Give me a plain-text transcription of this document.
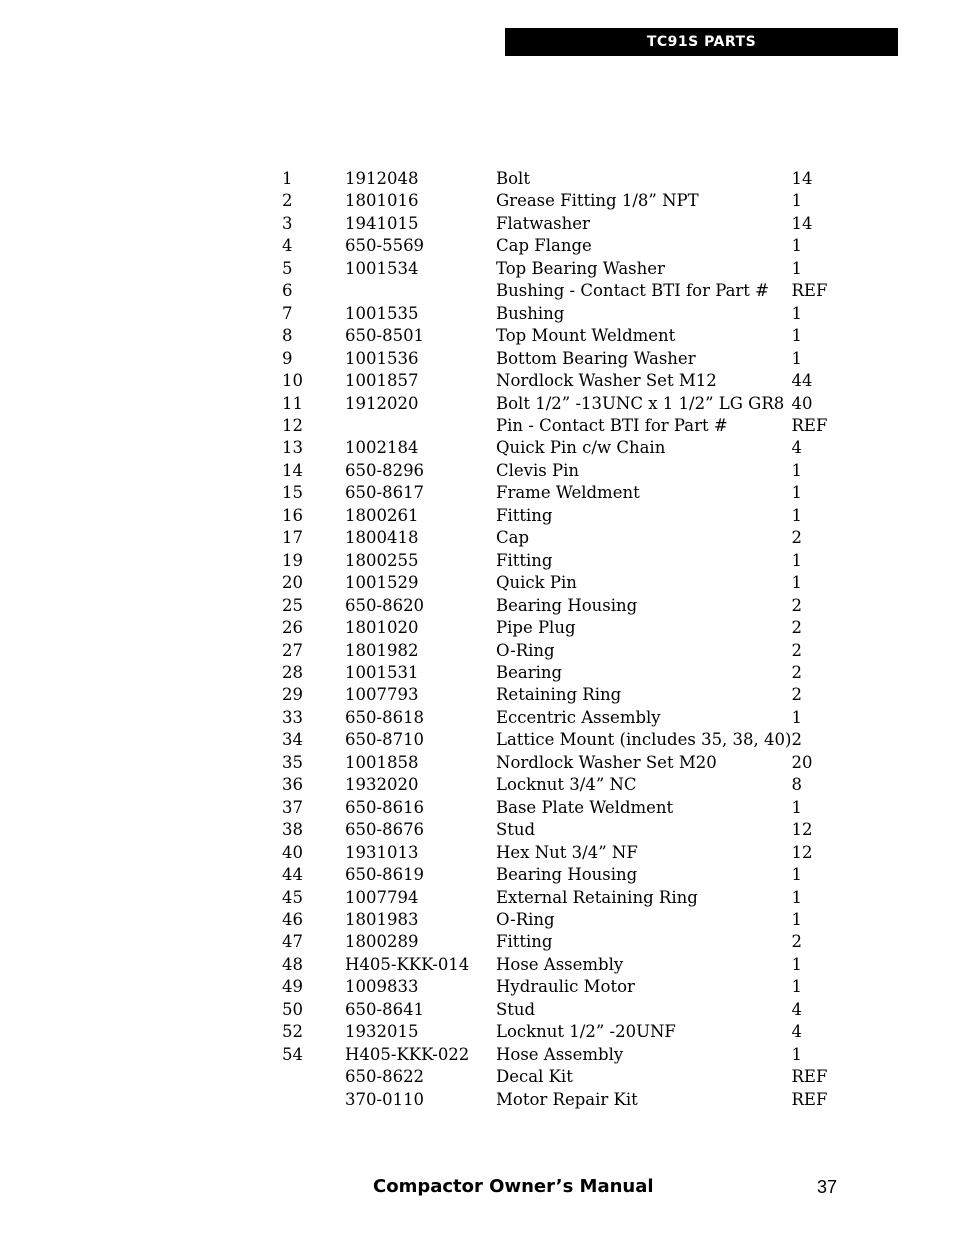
TC91S PARTS
1	1912048	Bolt	14
2	1801016	Grease Fitting 1/8” NPT	1
3	1941015	Flatwasher	14
4	650-5569	Cap Flange	1
5	1001534	Top Bearing Washer	1
6		Bushing - Contact BTI for Part #	REF
7	1001535	Bushing	1
8	650-8501	Top Mount Weldment	1
9	1001536	Bottom Bearing Washer	1
10	1001857	Nordlock Washer Set M12	44
11	1912020	Bolt 1/2” -13UNC x 1 1/2” LG GR8	40
12		Pin - Contact BTI for Part #	REF
13	1002184	Quick Pin c/w Chain	4
14	650-8296	Clevis Pin	1
15	650-8617	Frame Weldment	1
16	1800261	Fitting	1
17	1800418	Cap	2
19	1800255	Fitting	1
20	1001529	Quick Pin	1
25	650-8620	Bearing Housing	2
26	1801020	Pipe Plug	2
27	1801982	O-Ring	2
28	1001531	Bearing	2
29	1007793	Retaining Ring	2
33	650-8618	Eccentric Assembly	1
34	650-8710	Lattice Mount (includes 35, 38, 40)	2
35	1001858	Nordlock Washer Set M20	20
36	1932020	Locknut 3/4” NC	8
37	650-8616	Base Plate Weldment	1
38	650-8676	Stud	12
40	1931013	Hex Nut 3/4” NF	12
44	650-8619	Bearing Housing	1
45	1007794	External Retaining Ring	1
46	1801983	O-Ring	1
47	1800289	Fitting	2
48	H405-KKK-014	Hose Assembly	1
49	1009833	Hydraulic Motor	1
50	650-8641	Stud	4
52	1932015	Locknut 1/2” -20UNF	4
54	H405-KKK-022	Hose Assembly	1
	650-8622	Decal Kit	REF
	370-0110	Motor Repair Kit	REF
Compactor Owner’s Manual	37
